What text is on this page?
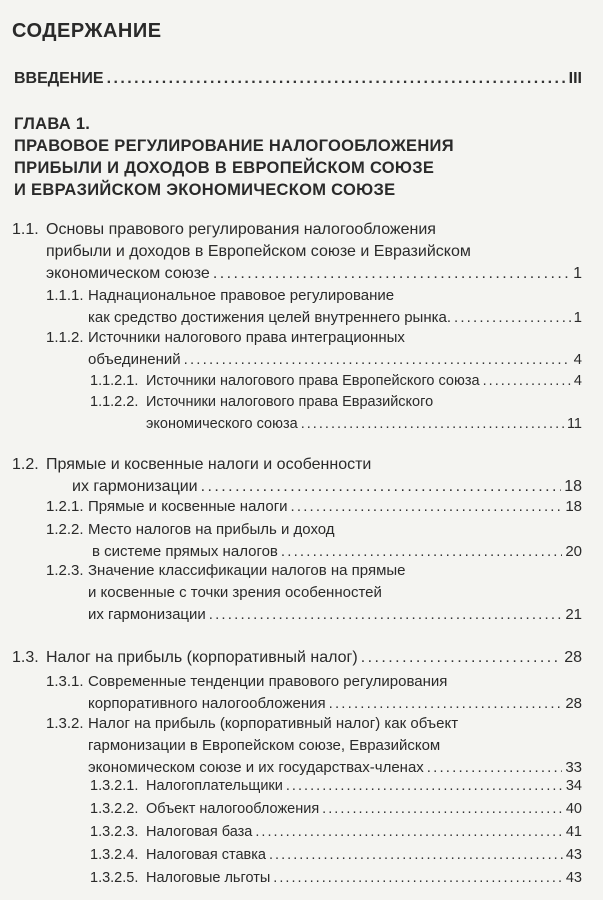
СОДЕРЖАНИЕ
ВВЕДЕНИЕ . . .	III
ГЛАВА 1.
ПРАВОВОЕ РЕГУЛИРОВАНИЕ НАЛОГООБЛОЖЕНИЯ
ПРИБЫЛИ И ДОХОДОВ В ЕВРОПЕЙСКОМ СОЮЗЕ
И ЕВРАЗИЙСКОМ ЭКОНОМИЧЕСКОМ СОЮЗЕ
1.1. Основы правового регулирования налогообложения
прибыли и доходов в Европейском союзе и Евразийском
экономическом союзе . . .	1
1.1.1. Наднациональное правовое регулирование
как средство достижения целей внутреннего рынка. . . .	1
1.1.2. Источники налогового права интеграционных
объединений . . .	4
1.1.2.1. Источники налогового права Европейского союза . . .	4
1.1.2.2. Источники налогового права Евразийского
экономического союза . . .	11
1.2. Прямые и косвенные налоги и особенности
их гармонизации . . .	18
1.2.1. Прямые и косвенные налоги . . .	18
1.2.2. Место налогов на прибыль и доход
в системе прямых налогов . . .	20
1.2.3. Значение классификации налогов на прямые
и косвенные с точки зрения особенностей
их гармонизации . . .	21
1.3. Налог на прибыль (корпоративный налог) . . .	28
1.3.1. Современные тенденции правового регулирования
корпоративного налогообложения . . .	28
1.3.2. Налог на прибыль (корпоративный налог) как объект
гармонизации в Европейском союзе, Евразийском
экономическом союзе и их государствах-членах . . .	33
1.3.2.1. Налогоплательщики . . .	34
1.3.2.2. Объект налогообложения . . .	40
1.3.2.3. Налоговая база . . .	41
1.3.2.4. Налоговая ставка . . .	43
1.3.2.5. Налоговые льготы . . .	43
